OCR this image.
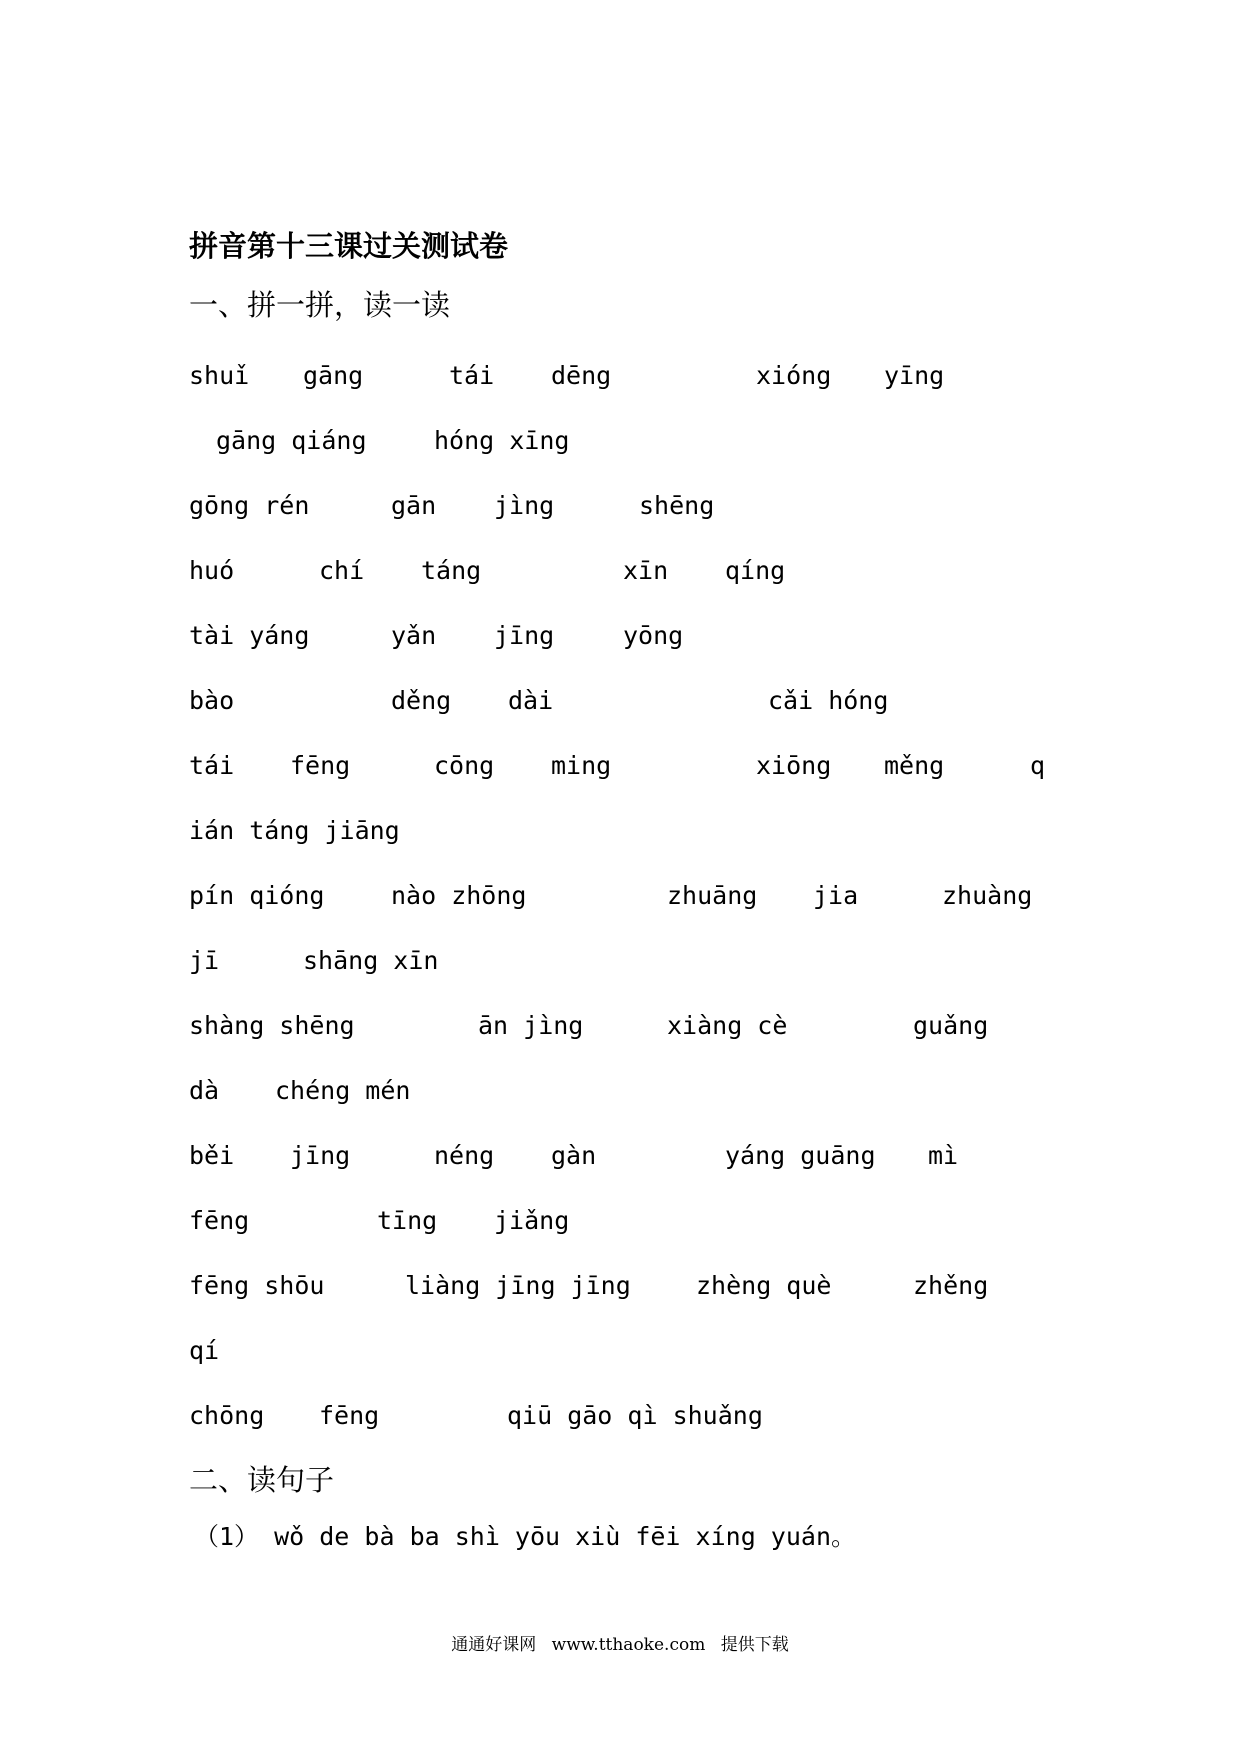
拼音第十三课过关测试卷
一、拼一拼，读一读
shuǐ gāng	tái dēng	xióng yīng
gāng qiáng	hóng xīng
gōng rén	gān jìng	shēng
huó	chí táng	xīn qíng
tài yáng	yǎn jīng	yōng
bào	děng dài	cǎi hóng
tái fēng	cōng ming	xiōng měng	q
ián táng jiāng
pín qióng	nào zhōng	zhuāng jia	zhuàng
jī	shāng xīn
shàng shēng	ān jìng	xiàng cè	guǎng
dà chéng mén
běi jīng	néng gàn	yáng guāng mì
fēng	tīng jiǎng
fēng shōu	liàng jīng jīng	zhèng què	zhěng
qí
chōng fēng	qiū gāo qì shuǎng
二、读句子
（1） wǒ de bà ba shì yōu xiù fēi xíng yuán。
通通好课网 www.tthaoke.com 提供下载
